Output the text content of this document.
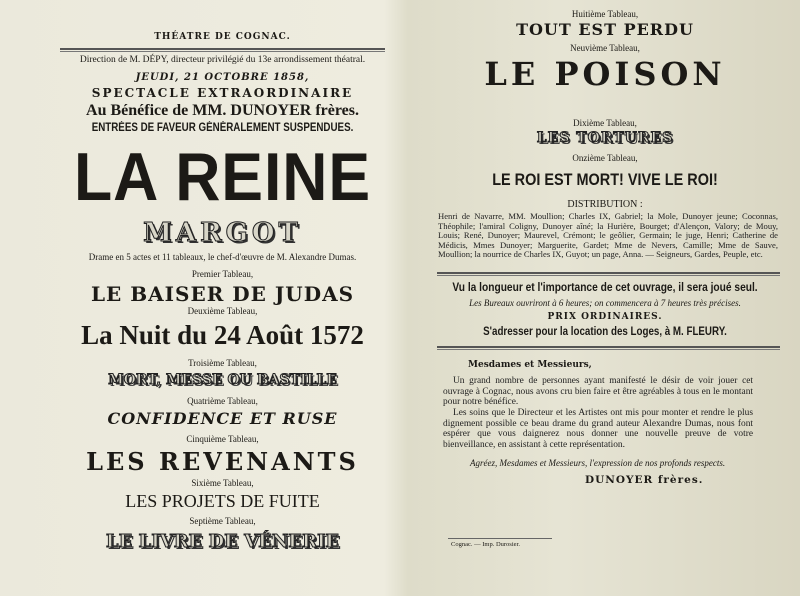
THÉATRE DE COGNAC.
Direction de M. DÉPY, directeur privilégié du 13e arrondissement théatral.
JEUDI, 21 OCTOBRE 1858,
SPECTACLE EXTRAORDINAIRE
Au Bénéfice de MM. DUNOYER frères.
ENTRÉES DE FAVEUR GÉNÉRALEMENT SUSPENDUES.
LA REINE
MARGOT
Drame en 5 actes et 11 tableaux, le chef-d'œuvre de M. Alexandre Dumas.
Premier Tableau,
LE BAISER DE JUDAS
Deuxième Tableau,
La Nuit du 24 Août 1572
Troisième Tableau,
MORT, MESSE OU BASTILLE
Quatrième Tableau,
CONFIDENCE ET RUSE
Cinquième Tableau,
LES REVENANTS
Sixième Tableau,
LES PROJETS DE FUITE
Septième Tableau,
LE LIVRE DE VÉNERIE
Huitième Tableau,
TOUT EST PERDU
Neuvième Tableau,
LE POISON
Dixième Tableau,
LES TORTURES
Onzième Tableau,
LE ROI EST MORT! VIVE LE ROI!
DISTRIBUTION :
Henri de Navarre, MM. Moullion; Charles IX, Gabriel; la Mole, Dunoyer jeune; Coconnas, Théophile; l'amiral Coligny, Dunoyer aîné; la Hurière, Bourget; d'Alençon, Valory; de Mouy, Louis; René, Dunoyer; Maurevel, Crémont; le geôlier, Germain; le juge, Henri; Catherine de Médicis, Mmes Dunoyer; Marguerite, Gardet; Mme de Nevers, Camille; Mme de Sauve, Moullion; la nourrice de Charles IX, Guyot; un page, Anna. — Seigneurs, Gardes, Peuple, etc.
Vu la longueur et l'importance de cet ouvrage, il sera joué seul.
Les Bureaux ouvriront à 6 heures; on commencera à 7 heures très précises.
PRIX ORDINAIRES.
S'adresser pour la location des Loges, à M. FLEURY.
Mesdames et Messieurs,
Un grand nombre de personnes ayant manifesté le désir de voir jouer cet ouvrage à Cognac, nous avons cru bien faire et être agréables à tous en le montant pour notre bénéfice.
Les soins que le Directeur et les Artistes ont mis pour monter et rendre le plus dignement possible ce beau drame du grand auteur Alexandre Dumas, nous font espérer que vous daignerez nous donner une nouvelle preuve de votre bienveillance, en assistant à cette représentation.
Agréez, Mesdames et Messieurs, l'expression de nos profonds respects.
DUNOYER frères.
Cognac. — Imp. Durosier.
